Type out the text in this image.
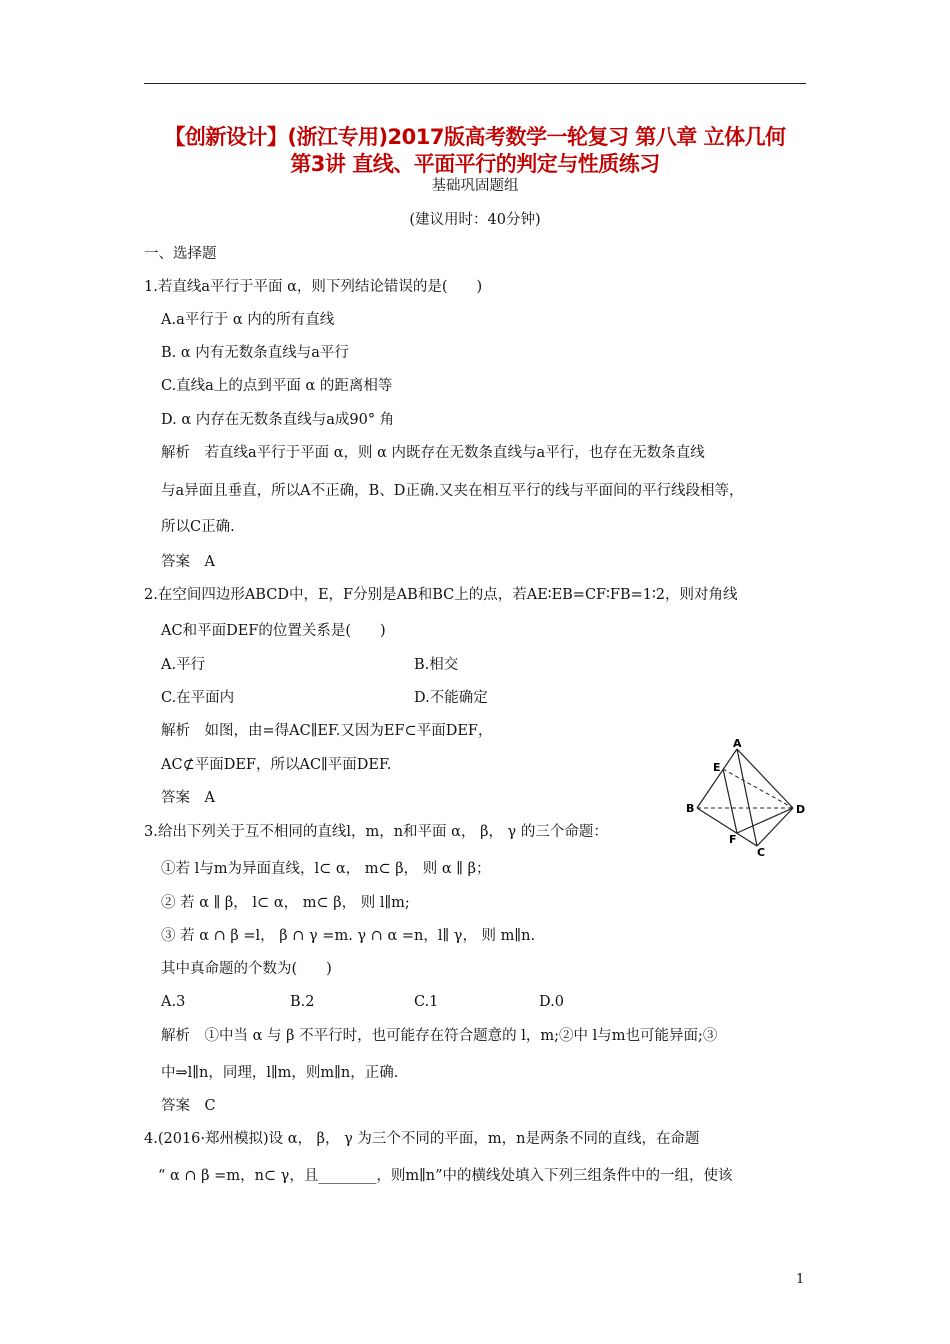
【创新设计】(浙江专用)2017版高考数学一轮复习 第八章 立体几何
第3讲 直线、平面平行的判定与性质练习
基础巩固题组
(建议用时：40分钟)
一、选择题
1.若直线a平行于平面 α，则下列结论错误的是(　　)
A.a平行于 α 内的所有直线
B. α 内有无数条直线与a平行
C.直线a上的点到平面 α 的距离相等
D. α 内存在无数条直线与a成90° 角
解析　若直线a平行于平面 α，则 α 内既存在无数条直线与a平行，也存在无数条直线
与a异面且垂直，所以A不正确，B、D正确.又夹在相互平行的线与平面间的平行线段相等，
所以C正确.
答案　A
2.在空间四边形ABCD中，E，F分别是AB和BC上的点，若AE∶EB=CF∶FB=1∶2，则对角线
AC和平面DEF的位置关系是(　　)
A.平行	B.相交
C.在平面内	D.不能确定
解析　如图，由=得AC∥EF.又因为EF⊂平面DEF，
AC⊄平面DEF，所以AC∥平面DEF.
答案　A
A
B
C
D
E
F
3.给出下列关于互不相同的直线l，m，n和平面 α， β， γ 的三个命题：
①若 l与m为异面直线，l⊂ α， m⊂ β， 则 α ∥ β；
② 若 α ∥ β， l⊂ α， m⊂ β， 则 l∥m;
③ 若 α ∩ β =l， β ∩ γ =m. γ ∩ α =n，l∥ γ， 则 m∥n.
其中真命题的个数为(　　)
A.3	B.2	C.1	D.0
解析　①中当 α 与 β 不平行时，也可能存在符合题意的 l，m;②中 l与m也可能异面;③
中⇒l∥n，同理，l∥m，则m∥n，正确.
答案　C
4.(2016·郑州模拟)设 α， β， γ 为三个不同的平面，m，n是两条不同的直线，在命题
“ α ∩ β =m，n⊂ γ，且________，则m∥n”中的横线处填入下列三组条件中的一组，使该
1
